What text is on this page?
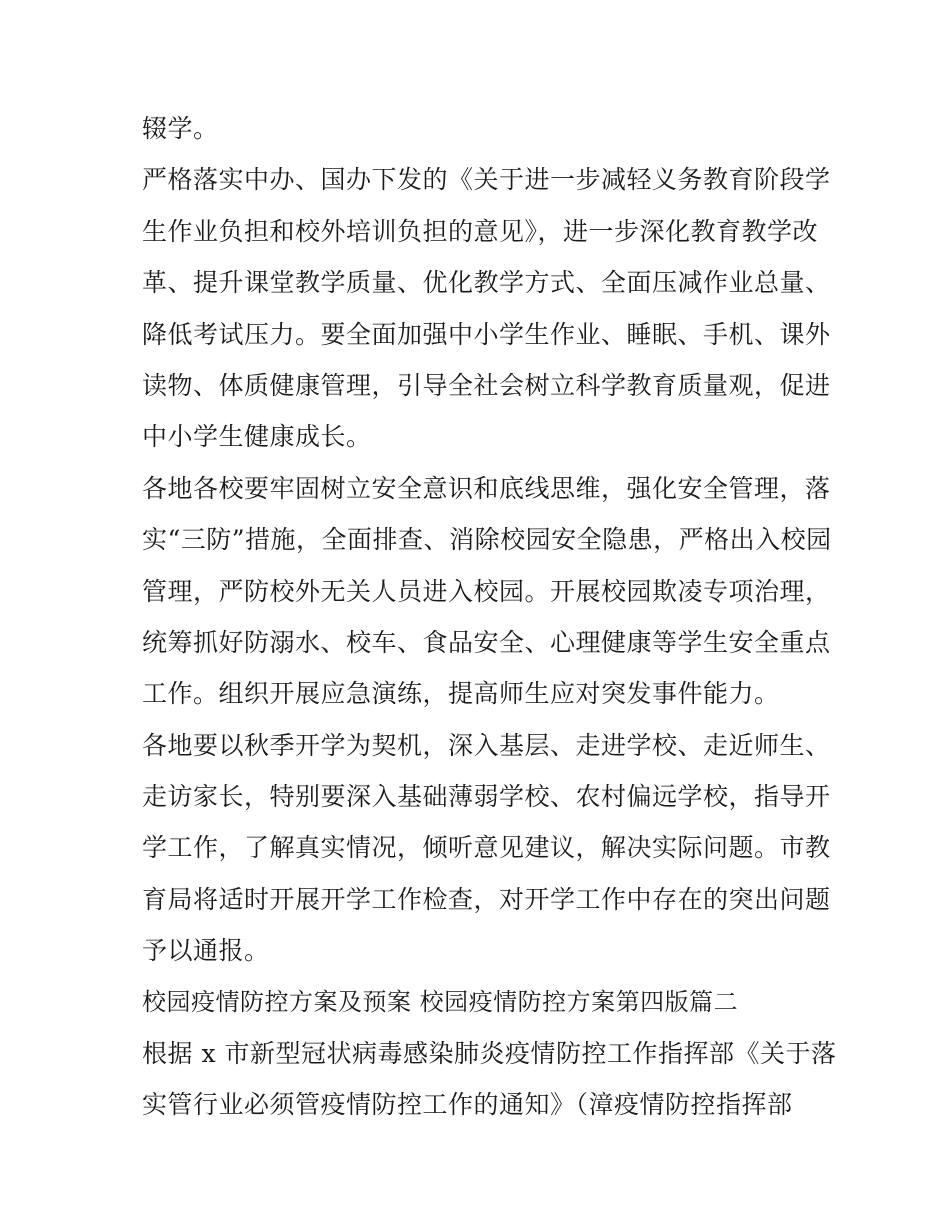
辍学。
严格落实中办、国办下发的《关于进一步减轻义务教育阶段学
生作业负担和校外培训负担的意见》，进一步深化教育教学改
革、提升课堂教学质量、优化教学方式、全面压减作业总量、
降低考试压力。要全面加强中小学生作业、睡眠、手机、课外
读物、体质健康管理，引导全社会树立科学教育质量观，促进
中小学生健康成长。
各地各校要牢固树立安全意识和底线思维，强化安全管理，落
实“三防”措施，全面排查、消除校园安全隐患，严格出入校园
管理，严防校外无关人员进入校园。开展校园欺凌专项治理，
统筹抓好防溺水、校车、食品安全、心理健康等学生安全重点
工作。组织开展应急演练，提高师生应对突发事件能力。
各地要以秋季开学为契机，深入基层、走进学校、走近师生、
走访家长，特别要深入基础薄弱学校、农村偏远学校，指导开
学工作，了解真实情况，倾听意见建议，解决实际问题。市教
育局将适时开展开学工作检查，对开学工作中存在的突出问题
予以通报。
校园疫情防控方案及预案 校园疫情防控方案第四版篇二
根据 x 市新型冠状病毒感染肺炎疫情防控工作指挥部《关于落
实管行业必须管疫情防控工作的通知》（漳疫情防控指挥部
